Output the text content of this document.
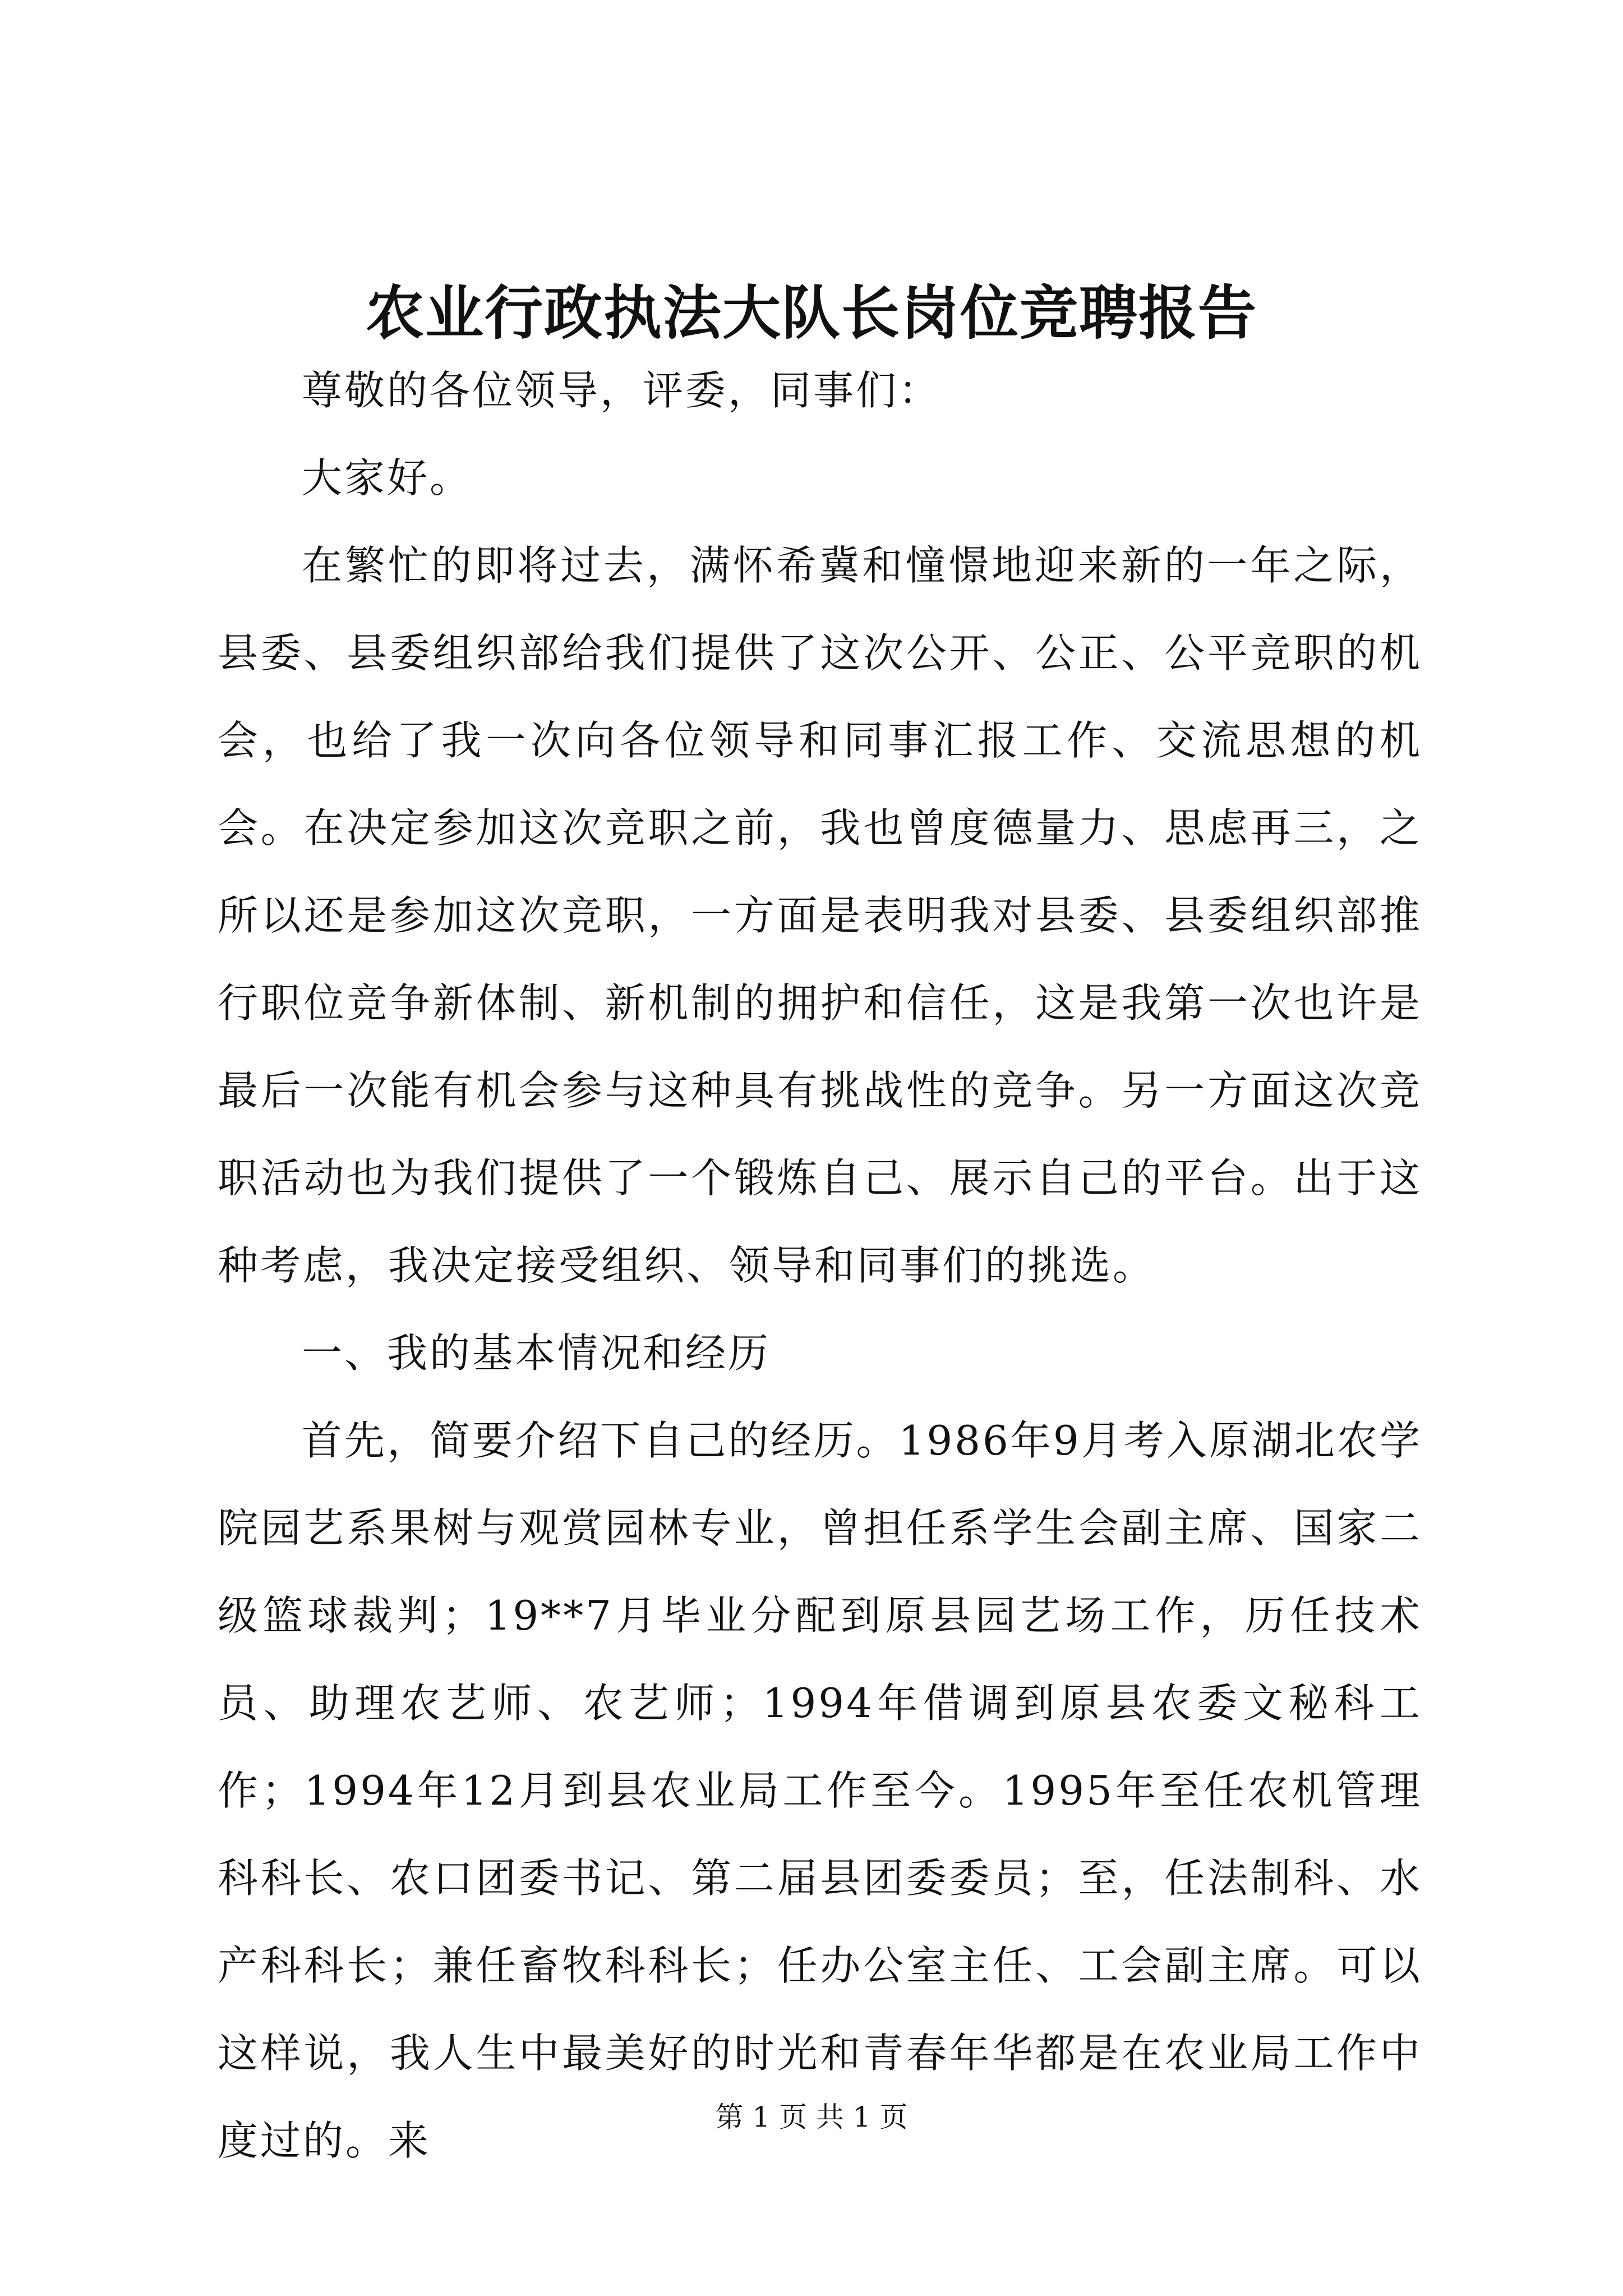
农业行政执法大队长岗位竞聘报告

尊敬的各位领导，评委，同事们：

大家好。

在繁忙的即将过去，满怀希冀和憧憬地迎来新的一年之际，县委、县委组织部给我们提供了这次公开、公正、公平竞职的机会，也给了我一次向各位领导和同事汇报工作、交流思想的机会。在决定参加这次竞职之前，我也曾度德量力、思虑再三，之所以还是参加这次竞职，一方面是表明我对县委、县委组织部推行职位竞争新体制、新机制的拥护和信任，这是我第一次也许是最后一次能有机会参与这种具有挑战性的竞争。另一方面这次竞职活动也为我们提供了一个锻炼自己、展示自己的平台。出于这种考虑，我决定接受组织、领导和同事们的挑选。

一、我的基本情况和经历

首先，简要介绍下自己的经历。1986年9月考入原湖北农学院园艺系果树与观赏园林专业，曾担任系学生会副主席、国家二级篮球裁判；19**7月毕业分配到原县园艺场工作，历任技术员、助理农艺师、农艺师；1994年借调到原县农委文秘科工作；1994年12月到县农业局工作至今。1995年至任农机管理科科长、农口团委书记、第二届县团委委员；至，任法制科、水产科科长；兼任畜牧科科长；任办公室主任、工会副主席。可以这样说，我人生中最美好的时光和青春年华都是在农业局工作中度过的。来	第 1 页 共 1 页
